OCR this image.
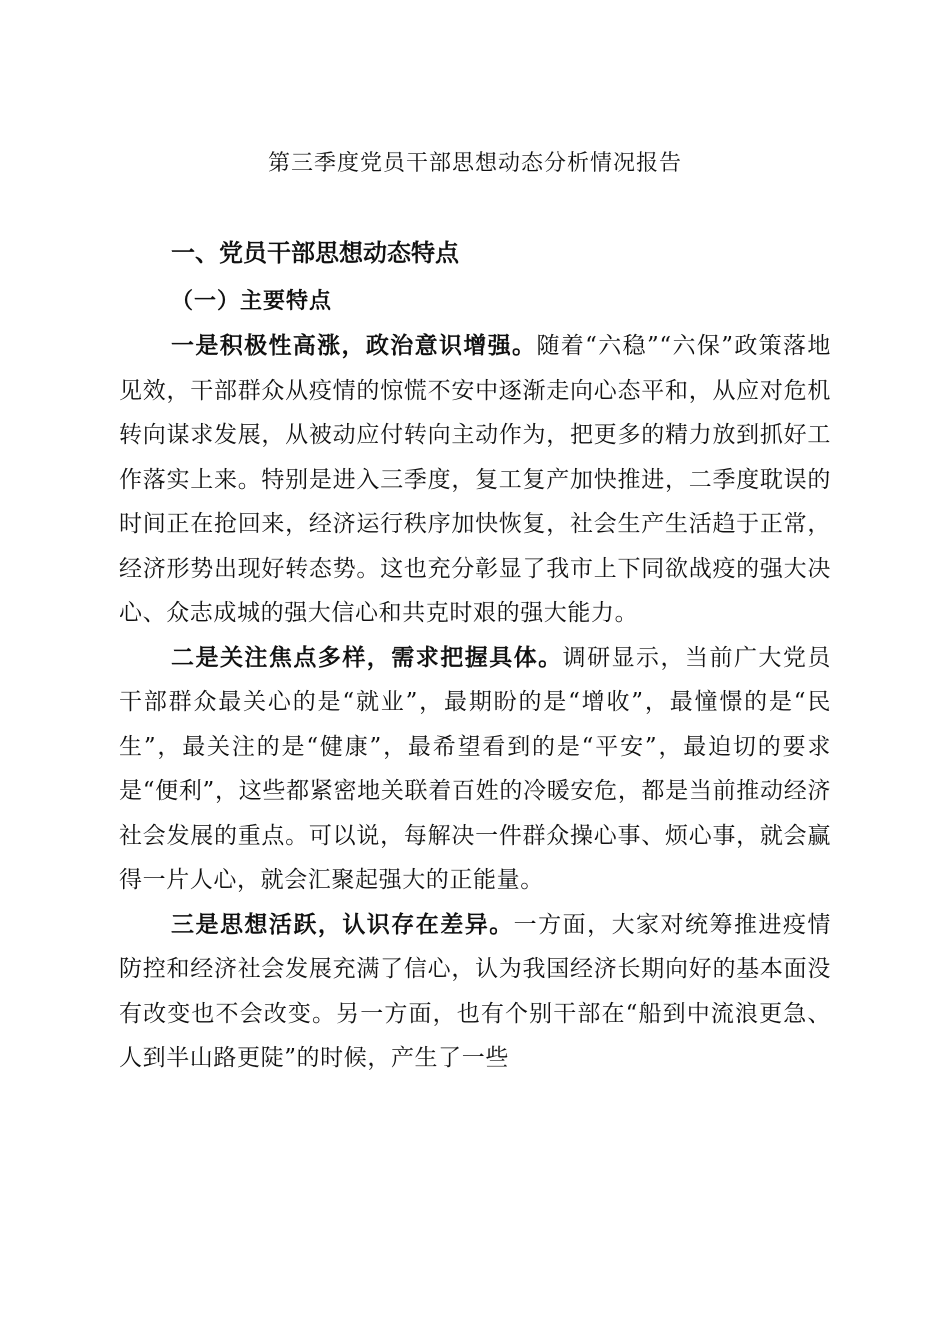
第三季度党员干部思想动态分析情况报告
一、党员干部思想动态特点
（一）主要特点

一是积极性高涨，政治意识增强。随着“六稳”“六保”政策落地见效，干部群众从疫情的惊慌不安中逐渐走向心态平和，从应对危机转向谋求发展，从被动应付转向主动作为，把更多的精力放到抓好工作落实上来。特别是进入三季度，复工复产加快推进，二季度耽误的时间正在抢回来，经济运行秩序加快恢复，社会生产生活趋于正常，经济形势出现好转态势。这也充分彰显了我市上下同欲战疫的强大决心、众志成城的强大信心和共克时艰的强大能力。

二是关注焦点多样，需求把握具体。调研显示，当前广大党员干部群众最关心的是“就业”，最期盼的是“增收”，最憧憬的是“民生”，最关注的是“健康”，最希望看到的是“平安”，最迫切的要求是“便利”，这些都紧密地关联着百姓的冷暖安危，都是当前推动经济社会发展的重点。可以说，每解决一件群众操心事、烦心事，就会赢得一片人心，就会汇聚起强大的正能量。

三是思想活跃，认识存在差异。一方面，大家对统筹推进疫情防控和经济社会发展充满了信心，认为我国经济长期向好的基本面没有改变也不会改变。另一方面，也有个别干部在“船到中流浪更急、人到半山路更陡”的时候，产生了一些
